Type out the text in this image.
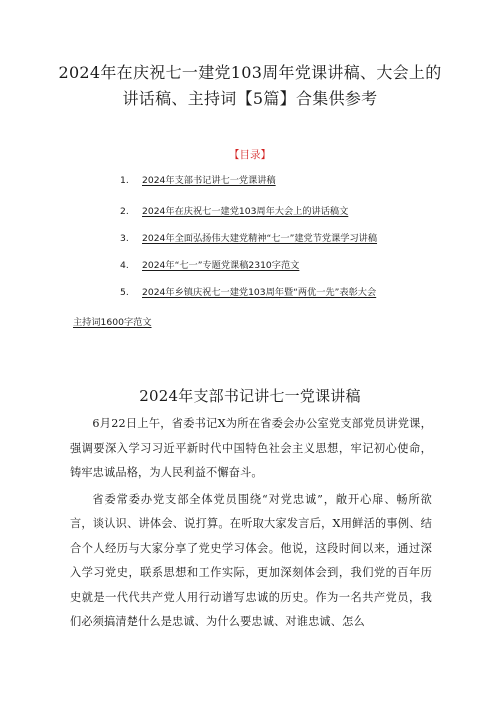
2024年在庆祝七一建党103周年党课讲稿、大会上的
讲话稿、主持词【5篇】合集供参考
【目录】
1. 2024年支部书记讲七一党课讲稿
2. 2024年在庆祝七一建党103周年大会上的讲话稿文
3. 2024年全面弘扬伟大建党精神“七一”建党节党课学习讲稿
4. 2024年“七一”专题党课稿2310字范文
5. 2024年乡镇庆祝七一建党103周年暨“两优一先”表彰大会
主持词1600字范文
2024年支部书记讲七一党课讲稿

6月22日上午，省委书记X为所在省委会办公室党支部党员讲党课，强调要深入学习习近平新时代中国特色社会主义思想，牢记初心使命，铸牢忠诚品格，为人民利益不懈奋斗。

省委常委办党支部全体党员围绕“对党忠诚”，敞开心扉、畅所欲言，谈认识、讲体会、说打算。在听取大家发言后，X用鲜活的事例、结合个人经历与大家分享了党史学习体会。他说，这段时间以来，通过深入学习党史，联系思想和工作实际，更加深刻体会到，我们党的百年历史就是一代代共产党人用行动谱写忠诚的历史。作为一名共产党员，我们必须搞清楚什么是忠诚、为什么要忠诚、对谁忠诚、怎么
